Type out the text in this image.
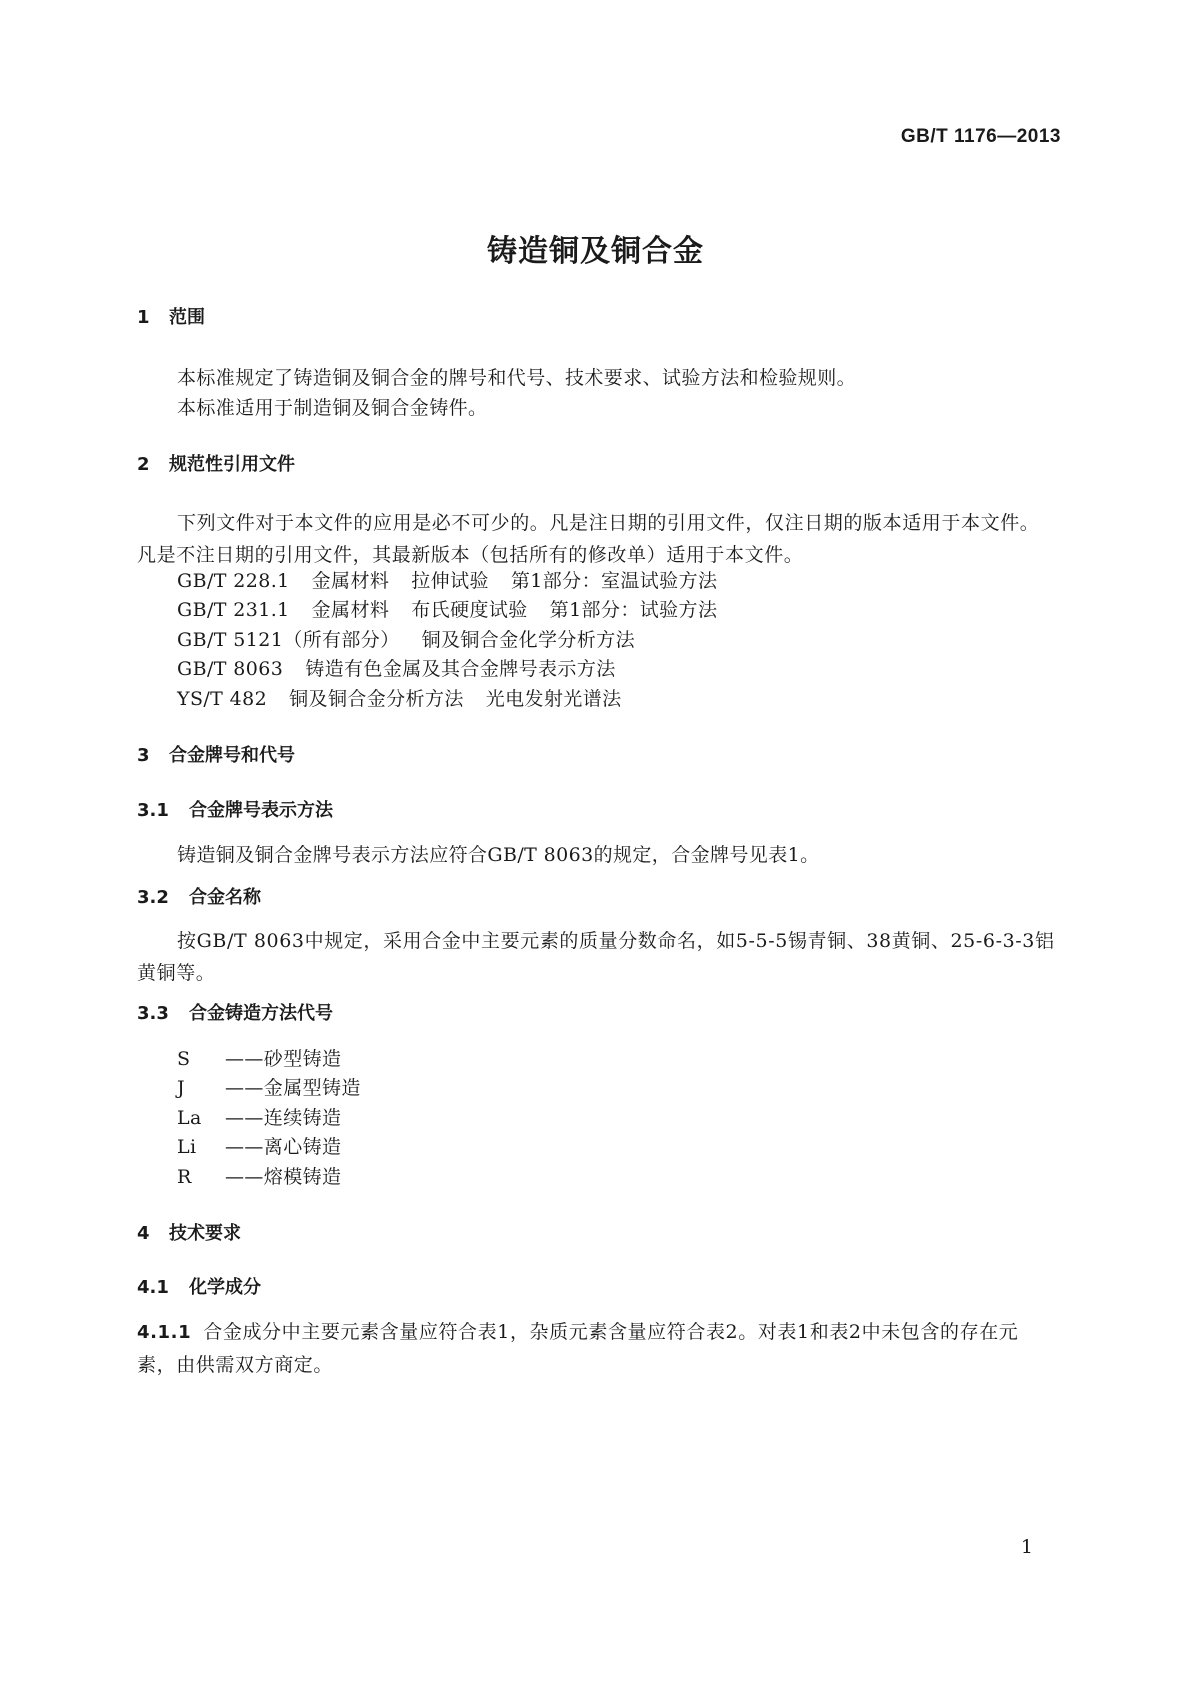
GB/T 1176—2013
铸造铜及铜合金
1 范围
本标准规定了铸造铜及铜合金的牌号和代号、技术要求、试验方法和检验规则。
本标准适用于制造铜及铜合金铸件。
2 规范性引用文件
下列文件对于本文件的应用是必不可少的。凡是注日期的引用文件，仅注日期的版本适用于本文件。凡是不注日期的引用文件，其最新版本（包括所有的修改单）适用于本文件。
GB/T 228.1 金属材料 拉伸试验 第1部分：室温试验方法
GB/T 231.1 金属材料 布氏硬度试验 第1部分：试验方法
GB/T 5121（所有部分） 铜及铜合金化学分析方法
GB/T 8063 铸造有色金属及其合金牌号表示方法
YS/T 482 铜及铜合金分析方法 光电发射光谱法
3 合金牌号和代号
3.1 合金牌号表示方法
铸造铜及铜合金牌号表示方法应符合GB/T 8063的规定，合金牌号见表1。
3.2 合金名称
按GB/T 8063中规定，采用合金中主要元素的质量分数命名，如5-5-5锡青铜、38黄铜、25-6-3-3铝黄铜等。
3.3 合金铸造方法代号
S ——砂型铸造
J ——金属型铸造
La ——连续铸造
Li ——离心铸造
R ——熔模铸造
4 技术要求
4.1 化学成分
4.1.1 合金成分中主要元素含量应符合表1，杂质元素含量应符合表2。对表1和表2中未包含的存在元素，由供需双方商定。
1
